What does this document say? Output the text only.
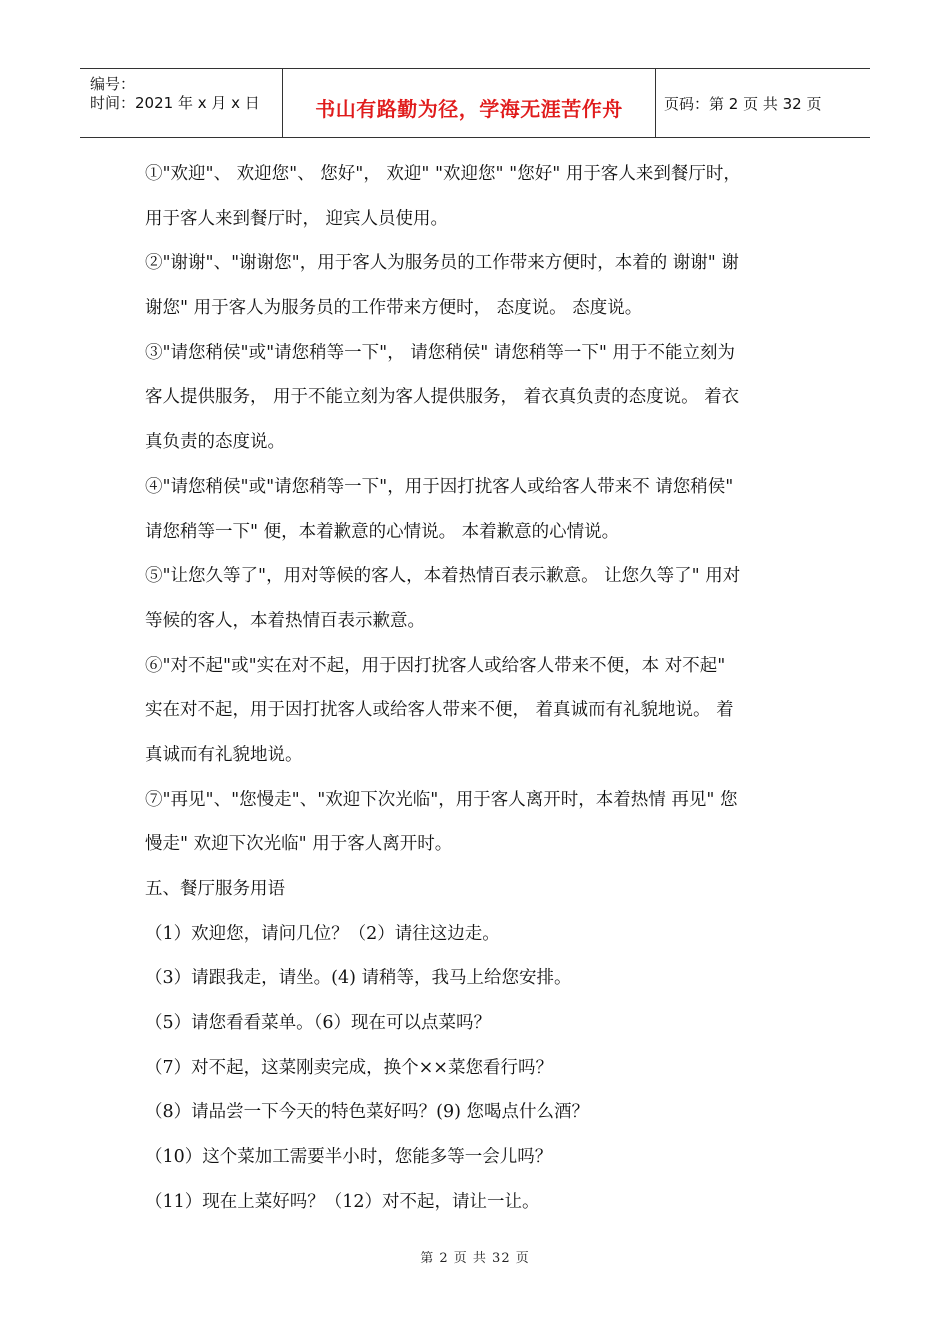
编号：
时间：2021 年 x 月 x 日	书山有路勤为径，学海无涯苦作舟	页码：第 2 页 共 32 页
①"欢迎"、 欢迎您"、 您好"， 欢迎" "欢迎您" "您好" 用于客人来到餐厅时，
用于客人来到餐厅时， 迎宾人员使用。
②"谢谢"、"谢谢您"，用于客人为服务员的工作带来方便时，本着的 谢谢" 谢
谢您" 用于客人为服务员的工作带来方便时， 态度说。 态度说。
③"请您稍侯"或"请您稍等一下"， 请您稍侯" 请您稍等一下" 用于不能立刻为
客人提供服务， 用于不能立刻为客人提供服务， 着衣真负责的态度说。 着衣
真负责的态度说。
④"请您稍侯"或"请您稍等一下"，用于因打扰客人或给客人带来不 请您稍侯"
请您稍等一下" 便，本着歉意的心情说。 本着歉意的心情说。
⑤"让您久等了"，用对等候的客人，本着热情百表示歉意。 让您久等了" 用对
等候的客人，本着热情百表示歉意。
⑥"对不起"或"实在对不起，用于因打扰客人或给客人带来不便，本 对不起"
实在对不起，用于因打扰客人或给客人带来不便， 着真诚而有礼貌地说。 着
真诚而有礼貌地说。
⑦"再见"、"您慢走"、"欢迎下次光临"，用于客人离开时，本着热情 再见" 您
慢走" 欢迎下次光临" 用于客人离开时。
五、餐厅服务用语
（1）欢迎您，请问几位？（2）请往这边走。
（3）请跟我走，请坐。(4) 请稍等，我马上给您安排。
（5）请您看看菜单。（6）现在可以点菜吗？
（7）对不起，这菜刚卖完成，换个××菜您看行吗？
（8）请品尝一下今天的特色菜好吗？(9) 您喝点什么酒？
（10）这个菜加工需要半小时，您能多等一会儿吗？
（11）现在上菜好吗？（12）对不起，请让一让。
第 2 页 共 32 页
